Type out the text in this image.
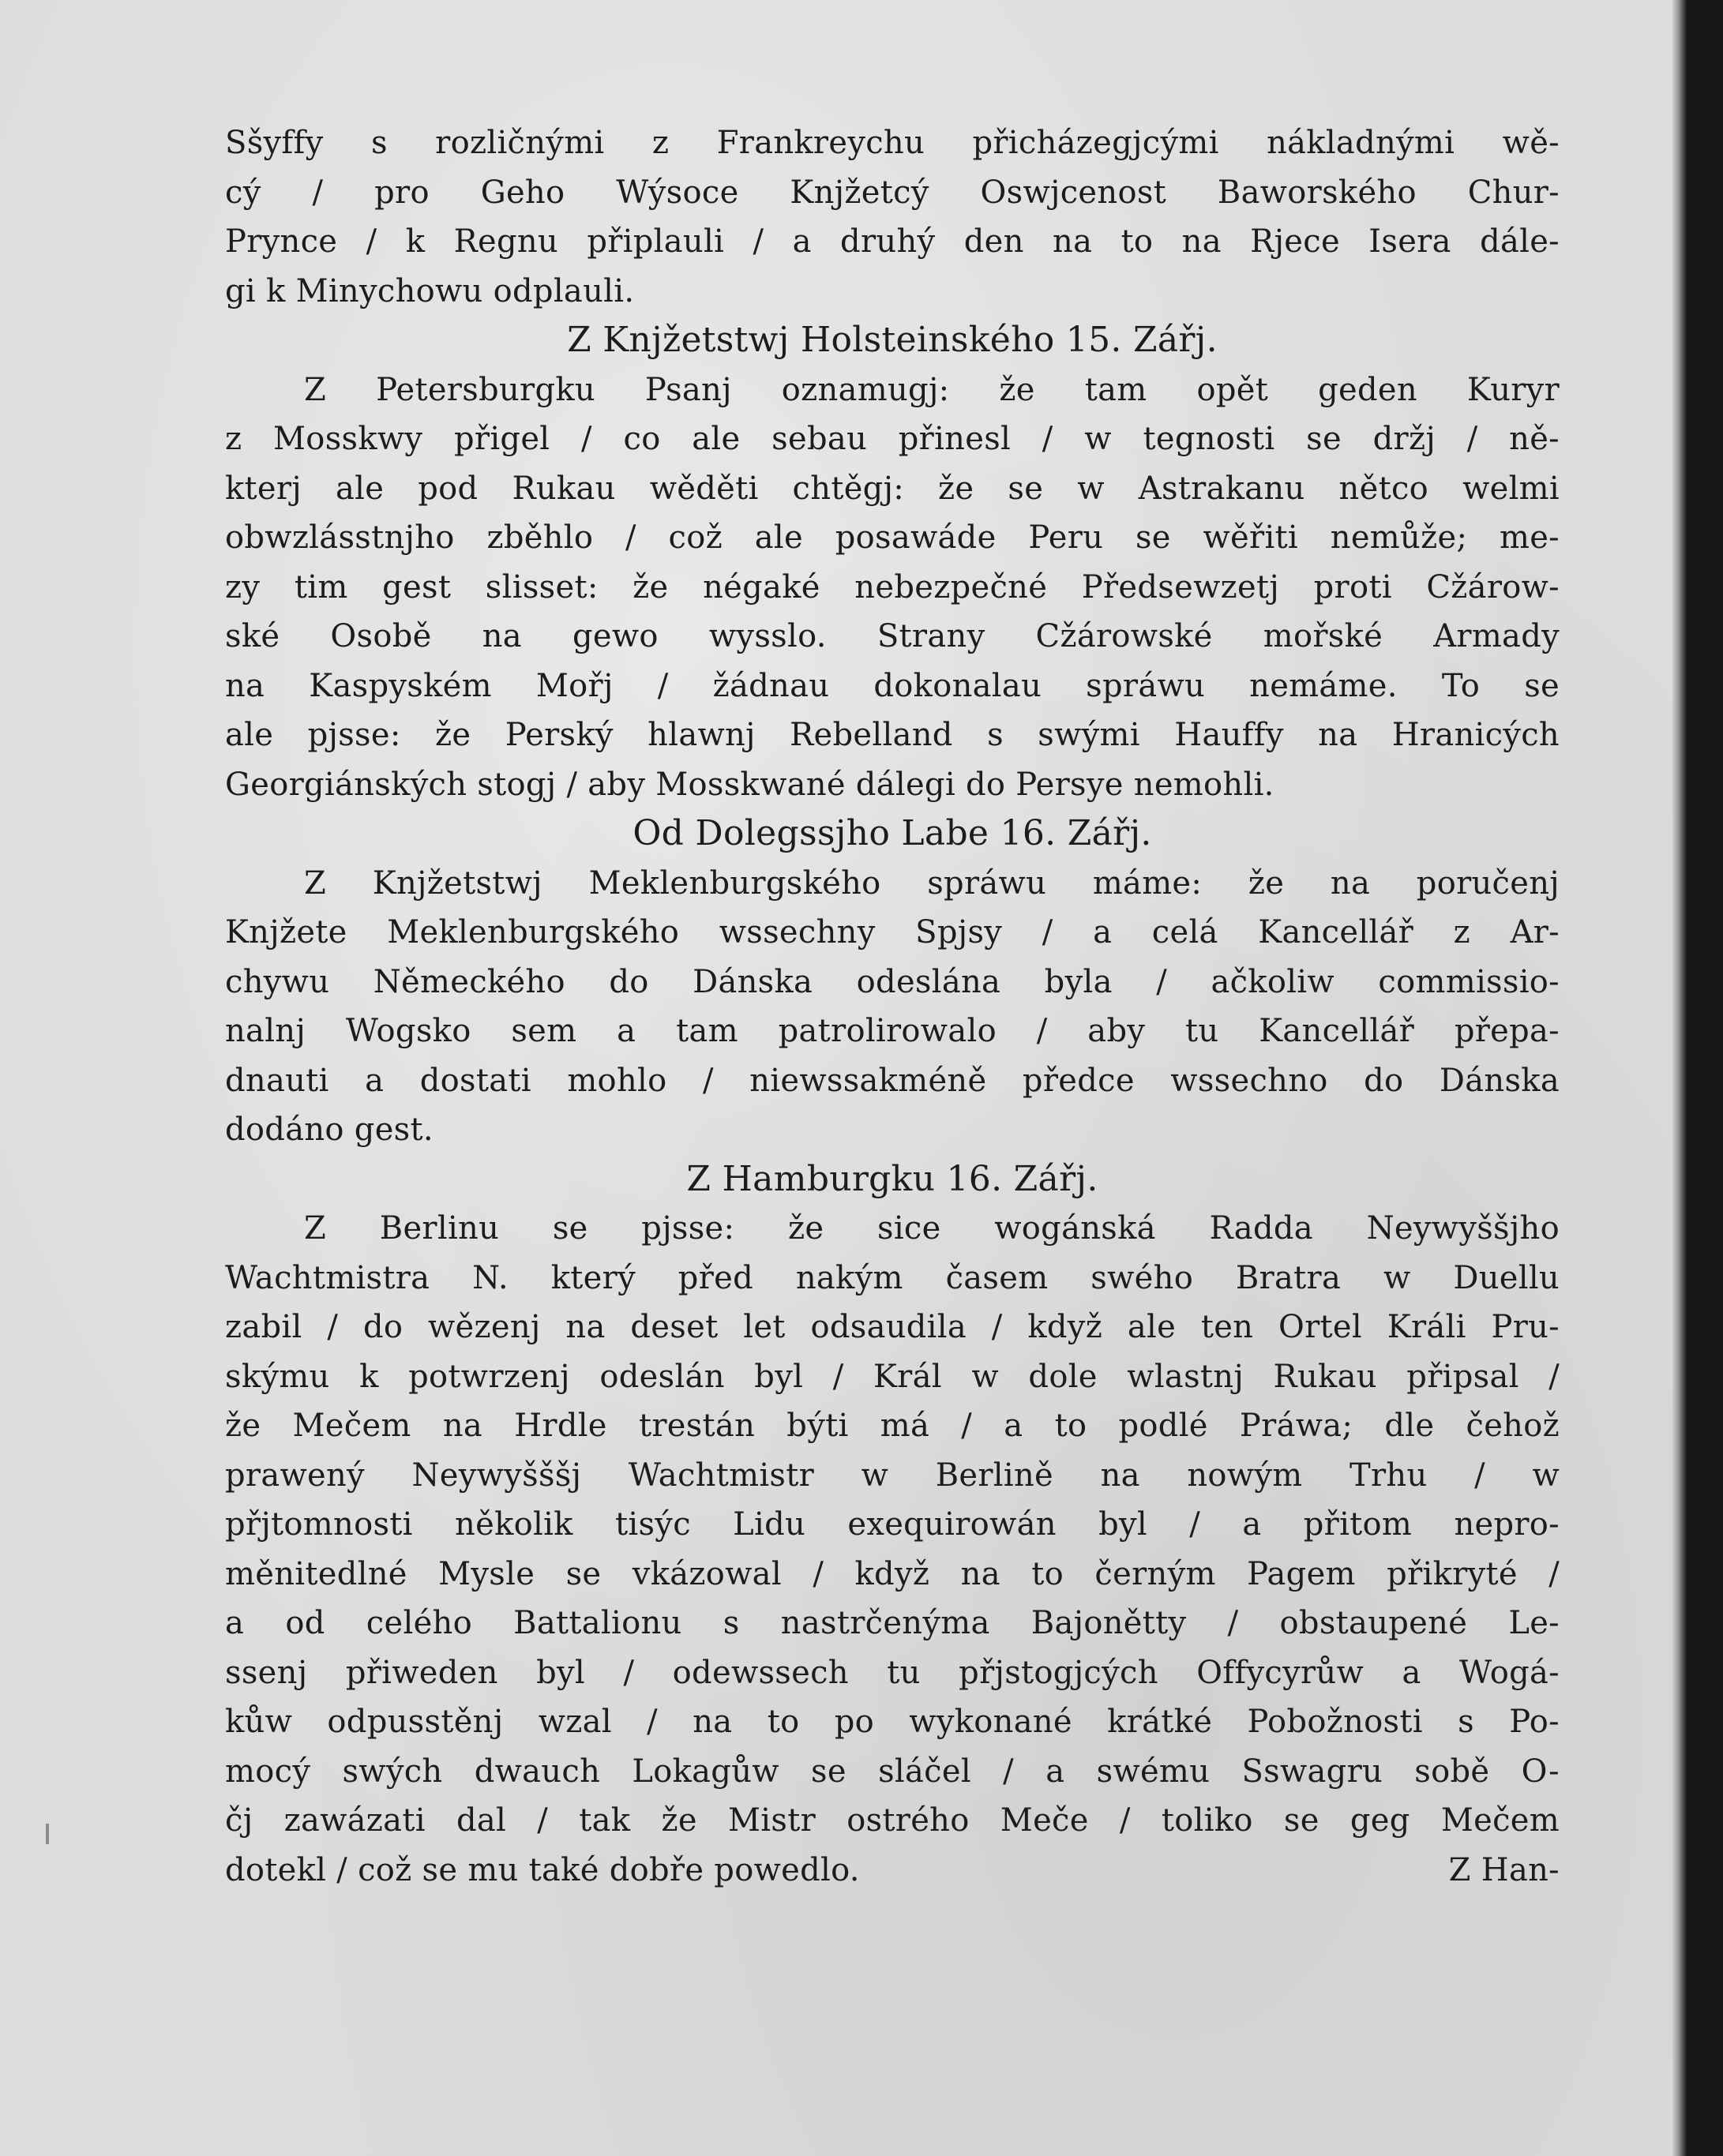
Sšyffy s rozličnými z Frankreychu přicházegjcými nákladnými wě-
cý / pro Geho Wýsoce Knjžetcý Oswjcenost Baworského Chur-
Prynce / k Regnu připlauli / a druhý den na to na Rjece Isera dále-
gi k Minychowu odplauli.
Z Knjžetstwj Holsteinského 15. Zářj.
Z Petersburgku Psanj oznamugj: že tam opět geden Kuryr
z Mosskwy přigel / co ale sebau přinesl / w tegnosti se držj / ně-
kterj ale pod Rukau wěděti chtěgj: že se w Astrakanu nětco welmi
obwzlásstnjho zběhlo / což ale posawáde Peru se wěřiti nemůže; me-
zy tim gest slisset: že négaké nebezpečné Předsewzetj proti Cžárow-
ské Osobě na gewo wysslo. Strany Cžárowské mořské Armady
na Kaspyském Mořj / žádnau dokonalau spráwu nemáme. To se
ale pjsse: že Perský hlawnj Rebelland s swými Hauffy na Hranicých
Georgiánských stogj / aby Mosskwané dálegi do Persye nemohli.
Od Dolegssjho Labe 16. Zářj.
Z Knjžetstwj Meklenburgského spráwu máme: že na poručenj
Knjžete Meklenburgského wssechny Spjsy / a celá Kancellář z Ar-
chywu Německého do Dánska odeslána byla / ačkoliw commissio-
nalnj Wogsko sem a tam patrolirowalo / aby tu Kancellář přepa-
dnauti a dostati mohlo / niewssakméně předce wssechno do Dánska
dodáno gest.
Z Hamburgku 16. Zářj.
Z Berlinu se pjsse: že sice wogánská Radda Neywyššjho
Wachtmistra N. který před nakým časem swého Bratra w Duellu
zabil / do wězenj na deset let odsaudila / když ale ten Ortel Králi Pru-
skýmu k potwrzenj odeslán byl / Král w dole wlastnj Rukau připsal /
že Mečem na Hrdle trestán býti má / a to podlé Práwa; dle čehož
prawený Neywyšššj Wachtmistr w Berlině na nowým Trhu / w
přjtomnosti několik tisýc Lidu exequirowán byl / a přitom nepro-
měnitedlné Mysle se vkázowal / když na to černým Pagem přikryté /
a od celého Battalionu s nastrčenýma Bajonětty / obstaupené Le-
ssenj přiweden byl / odewssech tu přjstogjcých Offycyrůw a Wogá-
kůw odpusstěnj wzal / na to po wykonané krátké Pobožnosti s Po-
mocý swých dwauch Lokagůw se sláčel / a swému Sswagru sobě O-
čj zawázati dal / tak že Mistr ostrého Meče / toliko se geg Mečem
dotekl / což se mu také dobře powedlo.	Z Han-
